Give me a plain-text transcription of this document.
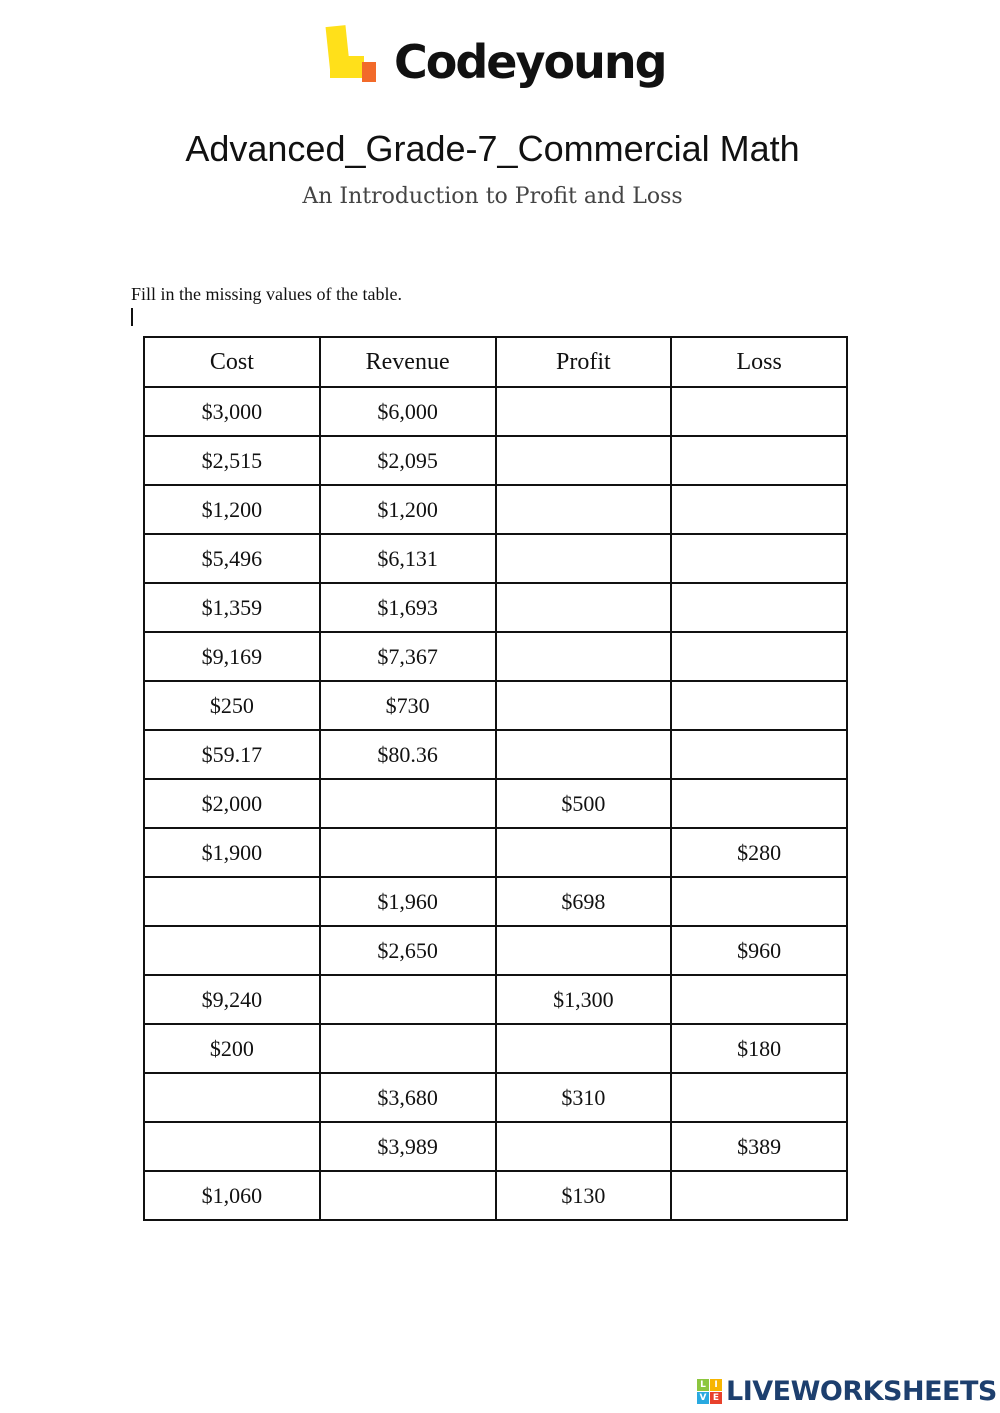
Codeyoung
Advanced_Grade-7_Commercial Math
An Introduction to Profit and Loss
Fill in the missing values of the table.
Cost	Revenue	Profit	Loss
$3,000	$6,000		
$2,515	$2,095		
$1,200	$1,200		
$5,496	$6,131		
$1,359	$1,693		
$9,169	$7,367		
$250	$730		
$59.17	$80.36		
$2,000		$500	
$1,900			$280
	$1,960	$698	
	$2,650		$960
$9,240		$1,300	
$200			$180
	$3,680	$310	
	$3,989		$389
$1,060		$130	
L I
V E LIVEWORKSHEETS
